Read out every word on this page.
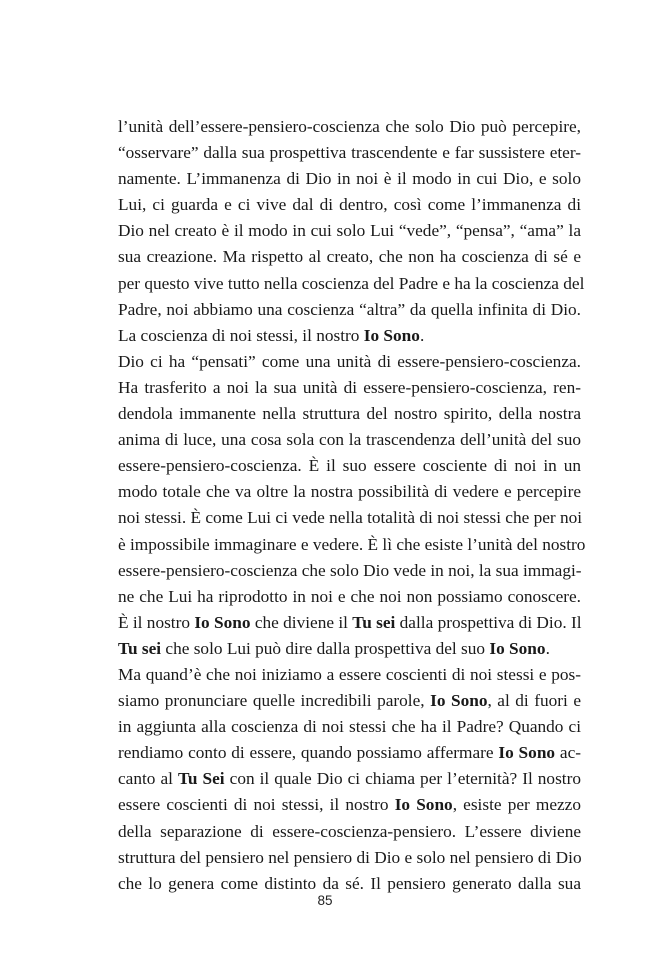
l’unità dell’essere-pensiero-coscienza che solo Dio può percepire,
“osservare” dalla sua prospettiva trascendente e far sussistere eter-
namente. L’immanenza di Dio in noi è il modo in cui Dio, e solo
Lui, ci guarda e ci vive dal di dentro, così come l’immanenza di
Dio nel creato è il modo in cui solo Lui “vede”, “pensa”, “ama” la
sua creazione. Ma rispetto al creato, che non ha coscienza di sé e
per questo vive tutto nella coscienza del Padre e ha la coscienza del
Padre, noi abbiamo una coscienza “altra” da quella infinita di Dio.
La coscienza di noi stessi, il nostro Io Sono.
Dio ci ha “pensati” come una unità di essere-pensiero-coscienza.
Ha trasferito a noi la sua unità di essere-pensiero-coscienza, ren-
dendola immanente nella struttura del nostro spirito, della nostra
anima di luce, una cosa sola con la trascendenza dell’unità del suo
essere-pensiero-coscienza. È il suo essere cosciente di noi in un
modo totale che va oltre la nostra possibilità di vedere e percepire
noi stessi. È come Lui ci vede nella totalità di noi stessi che per noi
è impossibile immaginare e vedere. È lì che esiste l’unità del nostro
essere-pensiero-coscienza che solo Dio vede in noi, la sua immagi-
ne che Lui ha riprodotto in noi e che noi non possiamo conoscere.
È il nostro Io Sono che diviene il Tu sei dalla prospettiva di Dio. Il
Tu sei che solo Lui può dire dalla prospettiva del suo Io Sono.
Ma quand’è che noi iniziamo a essere coscienti di noi stessi e pos-
siamo pronunciare quelle incredibili parole, Io Sono, al di fuori e
in aggiunta alla coscienza di noi stessi che ha il Padre? Quando ci
rendiamo conto di essere, quando possiamo affermare Io Sono ac-
canto al Tu Sei con il quale Dio ci chiama per l’eternità? Il nostro
essere coscienti di noi stessi, il nostro Io Sono, esiste per mezzo
della separazione di essere-coscienza-pensiero. L’essere diviene
struttura del pensiero nel pensiero di Dio e solo nel pensiero di Dio
che lo genera come distinto da sé. Il pensiero generato dalla sua
85
